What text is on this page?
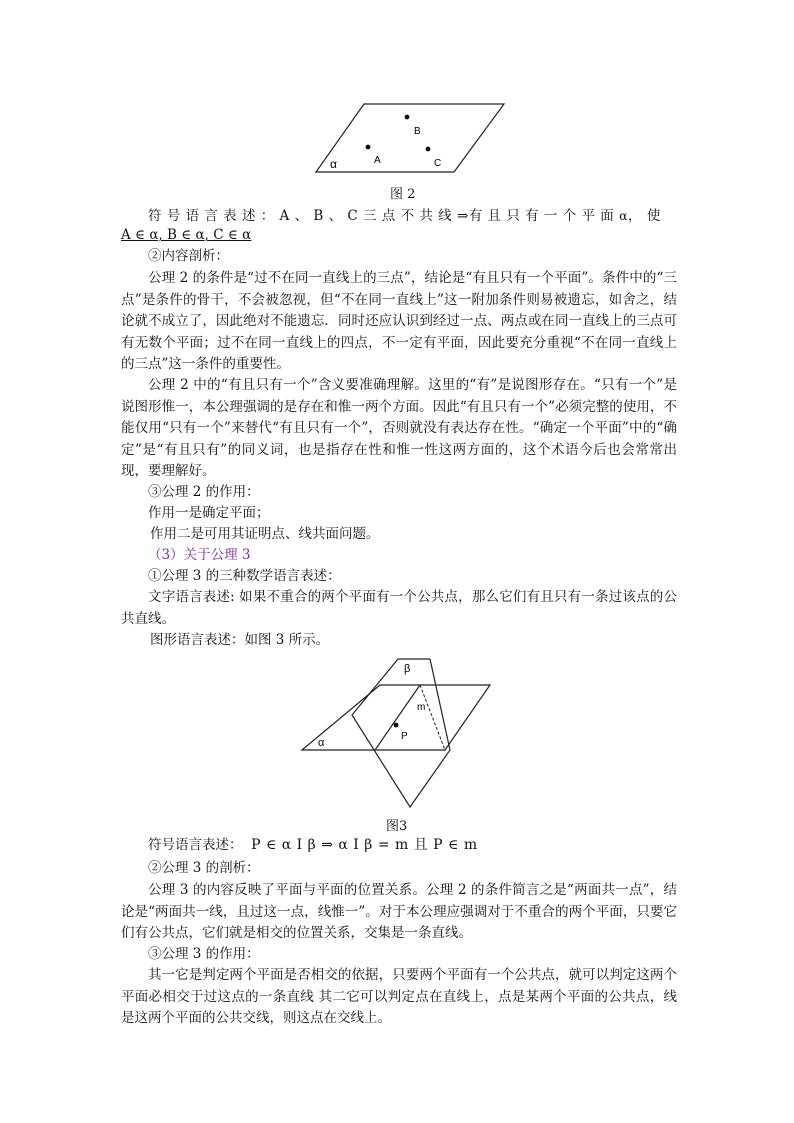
B
A	C
α
图 2

符 号 语 言 表 述 ： A 、 B 、 C 三 点 不 共 线 ⇒有 且 只 有 一 个 平 面 α， 使

A ∈ α, B ∈ α, C ∈ α

②内容剖析：

公理 2 的条件是“过不在同一直线上的三点”，结论是“有且只有一个平面”。条件中的“三点”是条件的骨干，不会被忽视，但“不在同一直线上”这一附加条件则易被遗忘，如舍之，结论就不成立了，因此绝对不能遗忘．同时还应认识到经过一点、两点或在同一直线上的三点可有无数个平面；过不在同一直线上的四点，不一定有平面，因此要充分重视“不在同一直线上的三点”这一条件的重要性。

公理 2 中的“有且只有一个”含义要准确理解。这里的“有”是说图形存在。“只有一个”是说图形惟一，本公理强调的是存在和惟一两个方面。因此“有且只有一个”必须完整的使用，不能仅用“只有一个”来替代“有且只有一个”，否则就没有表达存在性。“确定一个平面”中的“确定”是“有且只有”的同义词，也是指存在性和惟一性这两方面的，这个术语今后也会常常出现，要理解好。

③公理 2 的作用：

作用一是确定平面；

作用二是可用其证明点、线共面问题。

（3）关于公理 3

①公理 3 的三种数学语言表述：

文字语言表述: 如果不重合的两个平面有一个公共点，那么它们有且只有一条过该点的公共直线。

图形语言表述：如图 3 所示。

β
m
P
α
图3

符号语言表述： P ∈ α I β ⇒ α I β = m 且 P ∈ m

②公理 3 的剖析：

公理 3 的内容反映了平面与平面的位置关系。公理 2 的条件简言之是“两面共一点”，结论是“两面共一线，且过这一点，线惟一”。对于本公理应强调对于不重合的两个平面，只要它们有公共点，它们就是相交的位置关系，交集是一条直线。

③公理 3 的作用：

其一它是判定两个平面是否相交的依据，只要两个平面有一个公共点，就可以判定这两个平面必相交于过这点的一条直线 其二它可以判定点在直线上，点是某两个平面的公共点，线是这两个平面的公共交线，则这点在交线上。
